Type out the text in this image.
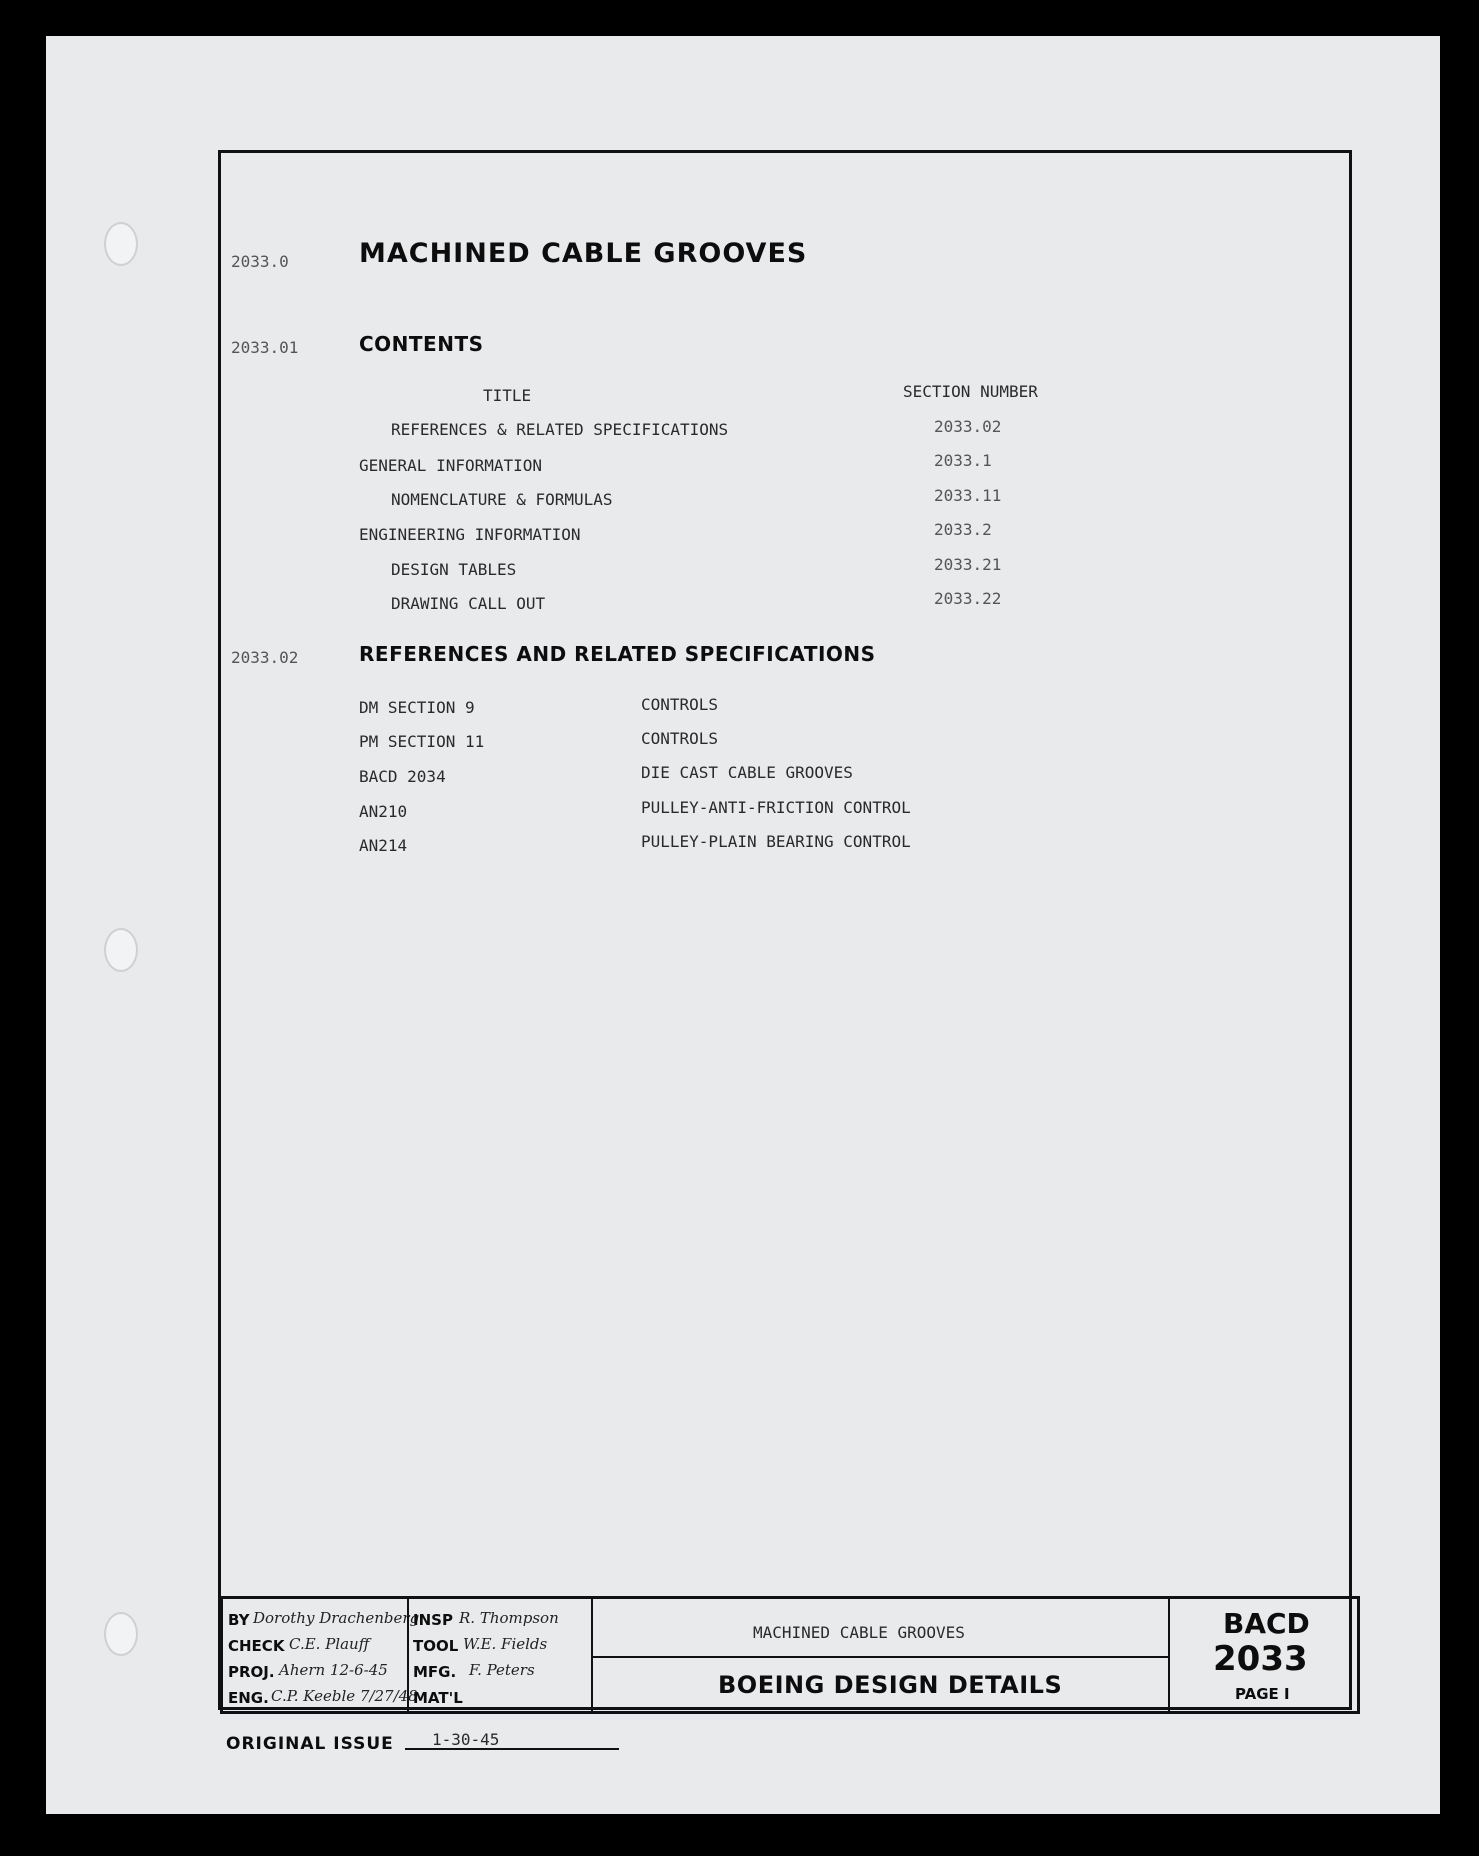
2033.0	MACHINED CABLE GROOVES
2033.01	CONTENTS
TITLE	SECTION NUMBER
REFERENCES & RELATED SPECIFICATIONS	2033.02
GENERAL INFORMATION	2033.1
NOMENCLATURE & FORMULAS	2033.11
ENGINEERING INFORMATION	2033.2
DESIGN TABLES	2033.21
DRAWING CALL OUT	2033.22
2033.02	REFERENCES AND RELATED SPECIFICATIONS
DM SECTION 9	CONTROLS
PM SECTION 11	CONTROLS
BACD 2034	DIE CAST CABLE GROOVES
AN210	PULLEY-ANTI-FRICTION CONTROL
AN214	PULLEY-PLAIN BEARING CONTROL
BY Dorothy Drachenberg
CHECK C.E. Plauff
PROJ. Ahern 12-6-45
ENG. C.P. Keeble 7/27/48
INSP R. Thompson
TOOL W.E. Fields
MFG. F. Peters
MAT'L
MACHINED CABLE GROOVES
BOEING DESIGN DETAILS
BACD
2033
PAGE I
ORIGINAL ISSUE 1-30-45
